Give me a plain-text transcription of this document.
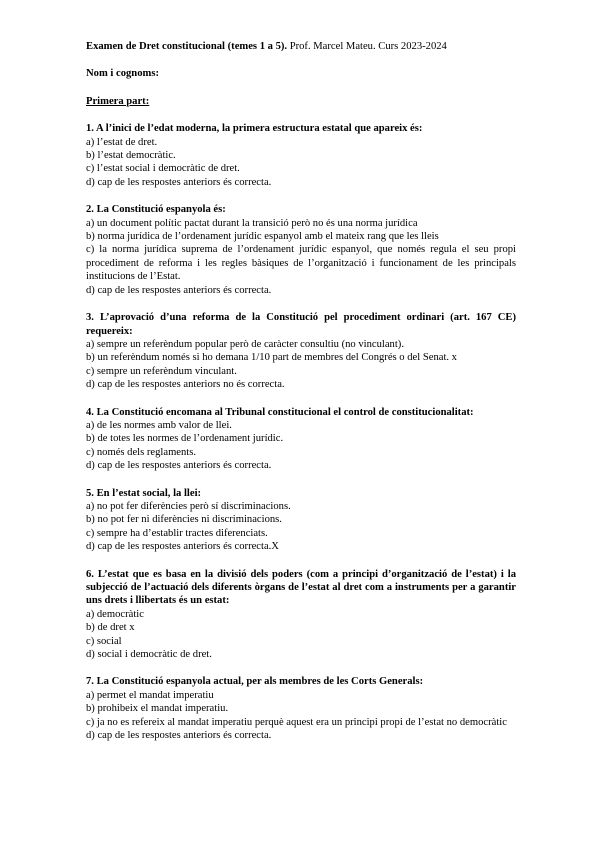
Examen de Dret constitucional (temes 1 a 5). Prof. Marcel Mateu. Curs 2023-2024
Nom i cognoms:
Primera part:
1. A l’inici de l’edat moderna, la primera estructura estatal que apareix és:
a) l’estat de dret.
b) l’estat democràtic.
c) l’estat social i democràtic de dret.
d) cap de les respostes anteriors és correcta.
2. La Constitució espanyola és:
a) un document polític pactat durant la transició però no és una norma jurídica
b) norma jurídica de l’ordenament jurídic espanyol amb el mateix rang que les lleis
c) la norma jurídica suprema de l’ordenament jurídic espanyol, que només regula el seu propi procediment de reforma i les regles bàsiques de l’organització i funcionament de les principals institucions de l’Estat.
d) cap de les respostes anteriors és correcta.
3. L’aprovació d’una reforma de la Constitució pel procediment ordinari (art. 167 CE) requereix:
a) sempre un referèndum popular però de caràcter consultiu (no vinculant).
b) un referèndum només si ho demana 1/10 part de membres del Congrés o del Senat. x
c) sempre un referèndum vinculant.
d) cap de les respostes anteriors no és correcta.
4. La Constitució encomana al Tribunal constitucional el control de constitucionalitat:
a) de les normes amb valor de llei.
b) de totes les normes de l’ordenament jurídic.
c) només dels reglaments.
d) cap de les respostes anteriors és correcta.
5. En l’estat social, la llei:
a) no pot fer diferències però sí discriminacions.
b) no pot fer ni diferències ni discriminacions.
c) sempre ha d’establir tractes diferenciats.
d) cap de les respostes anteriors és correcta.X
6. L’estat que es basa en la divisió dels poders (com a principi d’organització de l’estat) i la subjecció de l’actuació dels diferents òrgans de l’estat al dret com a instruments per a garantir uns drets i llibertats és un estat:
a) democràtic
b) de dret x
c) social
d) social i democràtic de dret.
7. La Constitució espanyola actual, per als membres de les Corts Generals:
a) permet el mandat imperatiu
b) prohibeix el mandat imperatiu.
c) ja no es refereix al mandat imperatiu perquè aquest era un principi propi de l’estat no democràtic
d) cap de les respostes anteriors és correcta.
